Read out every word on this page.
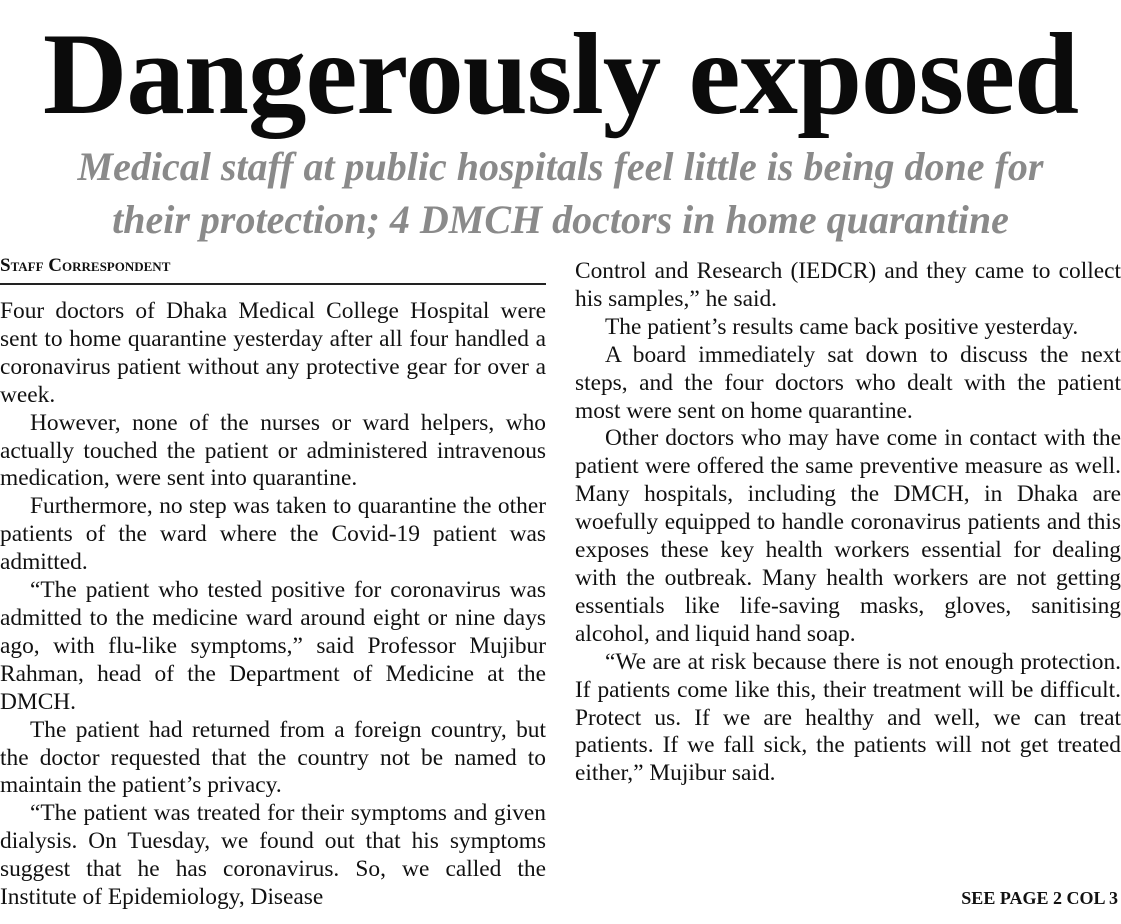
Dangerously exposed
Medical staff at public hospitals feel little is being done for
their protection; 4 DMCH doctors in home quarantine
Staff Correspondent

Four doctors of Dhaka Medical College Hospital were sent to home quarantine yesterday after all four handled a coronavirus patient without any protective gear for over a week.

However, none of the nurses or ward helpers, who actually touched the patient or administered intravenous medication, were sent into quarantine.

Furthermore, no step was taken to quarantine the other patients of the ward where the Covid-19 patient was admitted.

“The patient who tested positive for coronavirus was admitted to the medicine ward around eight or nine days ago, with flu-like symptoms,” said Professor Mujibur Rahman, head of the Department of Medicine at the DMCH.

The patient had returned from a foreign country, but the doctor requested that the country not be named to maintain the patient’s privacy.

“The patient was treated for their symptoms and given dialysis. On Tuesday, we found out that his symptoms suggest that he has coronavirus. So, we called the Institute of Epidemiology, Disease

Control and Research (IEDCR) and they came to collect his samples,” he said.

The patient’s results came back positive yesterday.

A board immediately sat down to discuss the next steps, and the four doctors who dealt with the patient most were sent on home quarantine.

Other doctors who may have come in contact with the patient were offered the same preventive measure as well. Many hospitals, including the DMCH, in Dhaka are woefully equipped to handle coronavirus patients and this exposes these key health workers essential for dealing with the outbreak. Many health workers are not getting essentials like life-saving masks, gloves, sanitising alcohol, and liquid hand soap.

“We are at risk because there is not enough protection. If patients come like this, their treatment will be difficult. Protect us. If we are healthy and well, we can treat patients. If we fall sick, the patients will not get treated either,” Mujibur said.

SEE PAGE 2 COL 3
